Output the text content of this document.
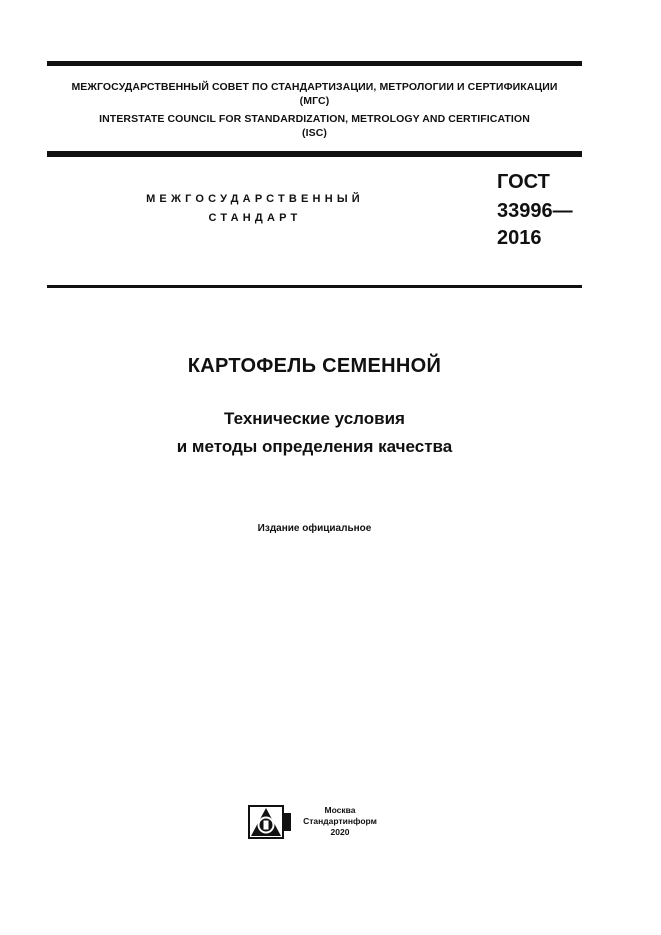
МЕЖГОСУДАРСТВЕННЫЙ СОВЕТ ПО СТАНДАРТИЗАЦИИ, МЕТРОЛОГИИ И СЕРТИФИКАЦИИ
(МГС)
INTERSTATE COUNCIL FOR STANDARDIZATION, METROLOGY AND CERTIFICATION
(ISC)
МЕЖГОСУДАРСТВЕННЫЙ
СТАНДАРТ
ГОСТ
33996—
2016
КАРТОФЕЛЬ СЕМЕННОЙ
Технические условия
и методы определения качества
Издание официальное
Москва
Стандартинформ
2020
